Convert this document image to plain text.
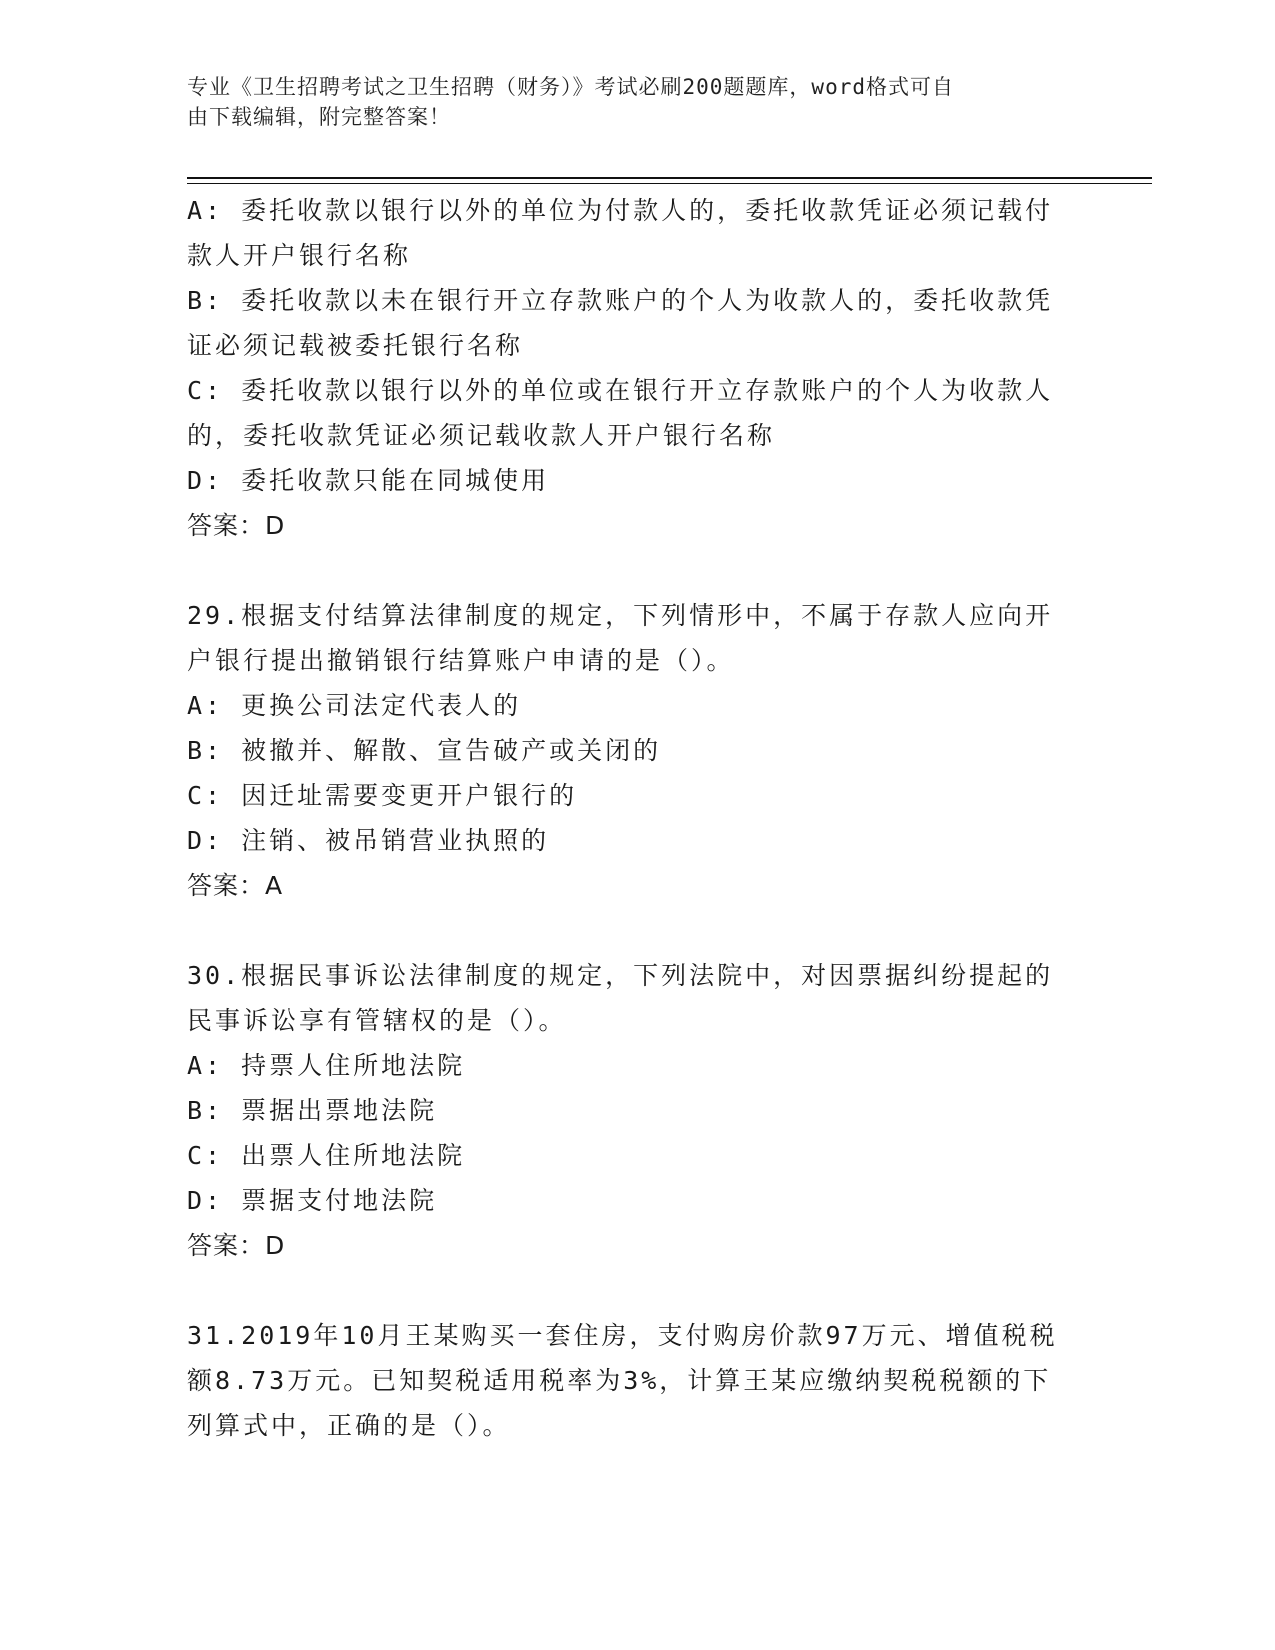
专业《卫生招聘考试之卫生招聘（财务）》考试必刷200题题库，word格式可自
由下载编辑，附完整答案！

A: 委托收款以银行以外的单位为付款人的，委托收款凭证必须记载付

款人开户银行名称

B: 委托收款以未在银行开立存款账户的个人为收款人的，委托收款凭

证必须记载被委托银行名称

C: 委托收款以银行以外的单位或在银行开立存款账户的个人为收款人

的，委托收款凭证必须记载收款人开户银行名称

D: 委托收款只能在同城使用

答案：D

29.根据支付结算法律制度的规定，下列情形中，不属于存款人应向开

户银行提出撤销银行结算账户申请的是（）。

A: 更换公司法定代表人的

B: 被撤并、解散、宣告破产或关闭的

C: 因迁址需要变更开户银行的

D: 注销、被吊销营业执照的

答案：A

30.根据民事诉讼法律制度的规定，下列法院中，对因票据纠纷提起的

民事诉讼享有管辖权的是（）。

A: 持票人住所地法院

B: 票据出票地法院

C: 出票人住所地法院

D: 票据支付地法院

答案：D

31.2019年10月王某购买一套住房，支付购房价款97万元、增值税税

额8.73万元。已知契税适用税率为3%，计算王某应缴纳契税税额的下

列算式中，正确的是（）。
